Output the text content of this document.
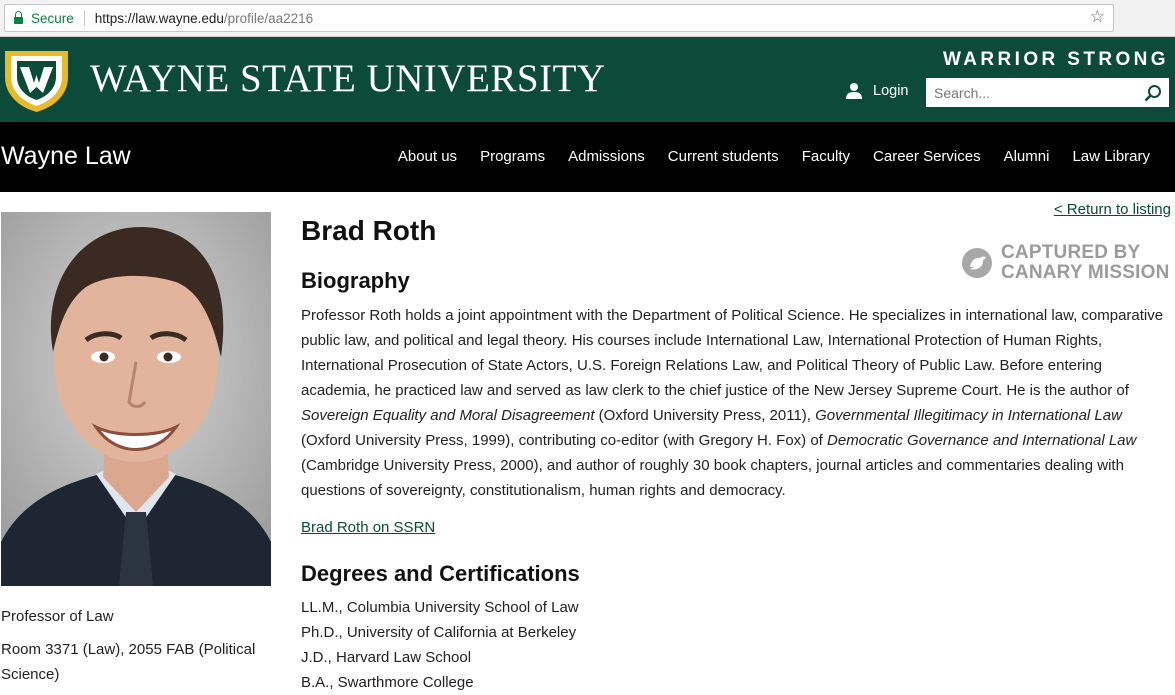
Secure https://law.wayne.edu /profile/aa2216	☆
WAYNE STATE UNIVERSITY	WARRIOR STRONG
Login
Search...
Wayne Law	About us Programs Admissions Current students Faculty Career Services Alumni Law Library
Professor of Law
Room 3371 (Law), 2055 FAB (Political Science)
< Return to listing
Brad Roth
Biography

Professor Roth holds a joint appointment with the Department of Political Science. He specializes in international law, comparative public law, and political and legal theory. His courses include International Law, International Protection of Human Rights, International Prosecution of State Actors, U.S. Foreign Relations Law, and Political Theory of Public Law. Before entering academia, he practiced law and served as law clerk to the chief justice of the New Jersey Supreme Court. He is the author of Sovereign Equality and Moral Disagreement (Oxford University Press, 2011), Governmental Illegitimacy in International Law (Oxford University Press, 1999), contributing co-editor (with Gregory H. Fox) of Democratic Governance and International Law (Cambridge University Press, 2000), and author of roughly 30 book chapters, journal articles and commentaries dealing with questions of sovereignty, constitutionalism, human rights and democracy.

Brad Roth on SSRN
Degrees and Certifications
LL.M., Columbia University School of Law
Ph.D., University of California at Berkeley
J.D., Harvard Law School
B.A., Swarthmore College
CAPTURED BY
CANARY MISSION
